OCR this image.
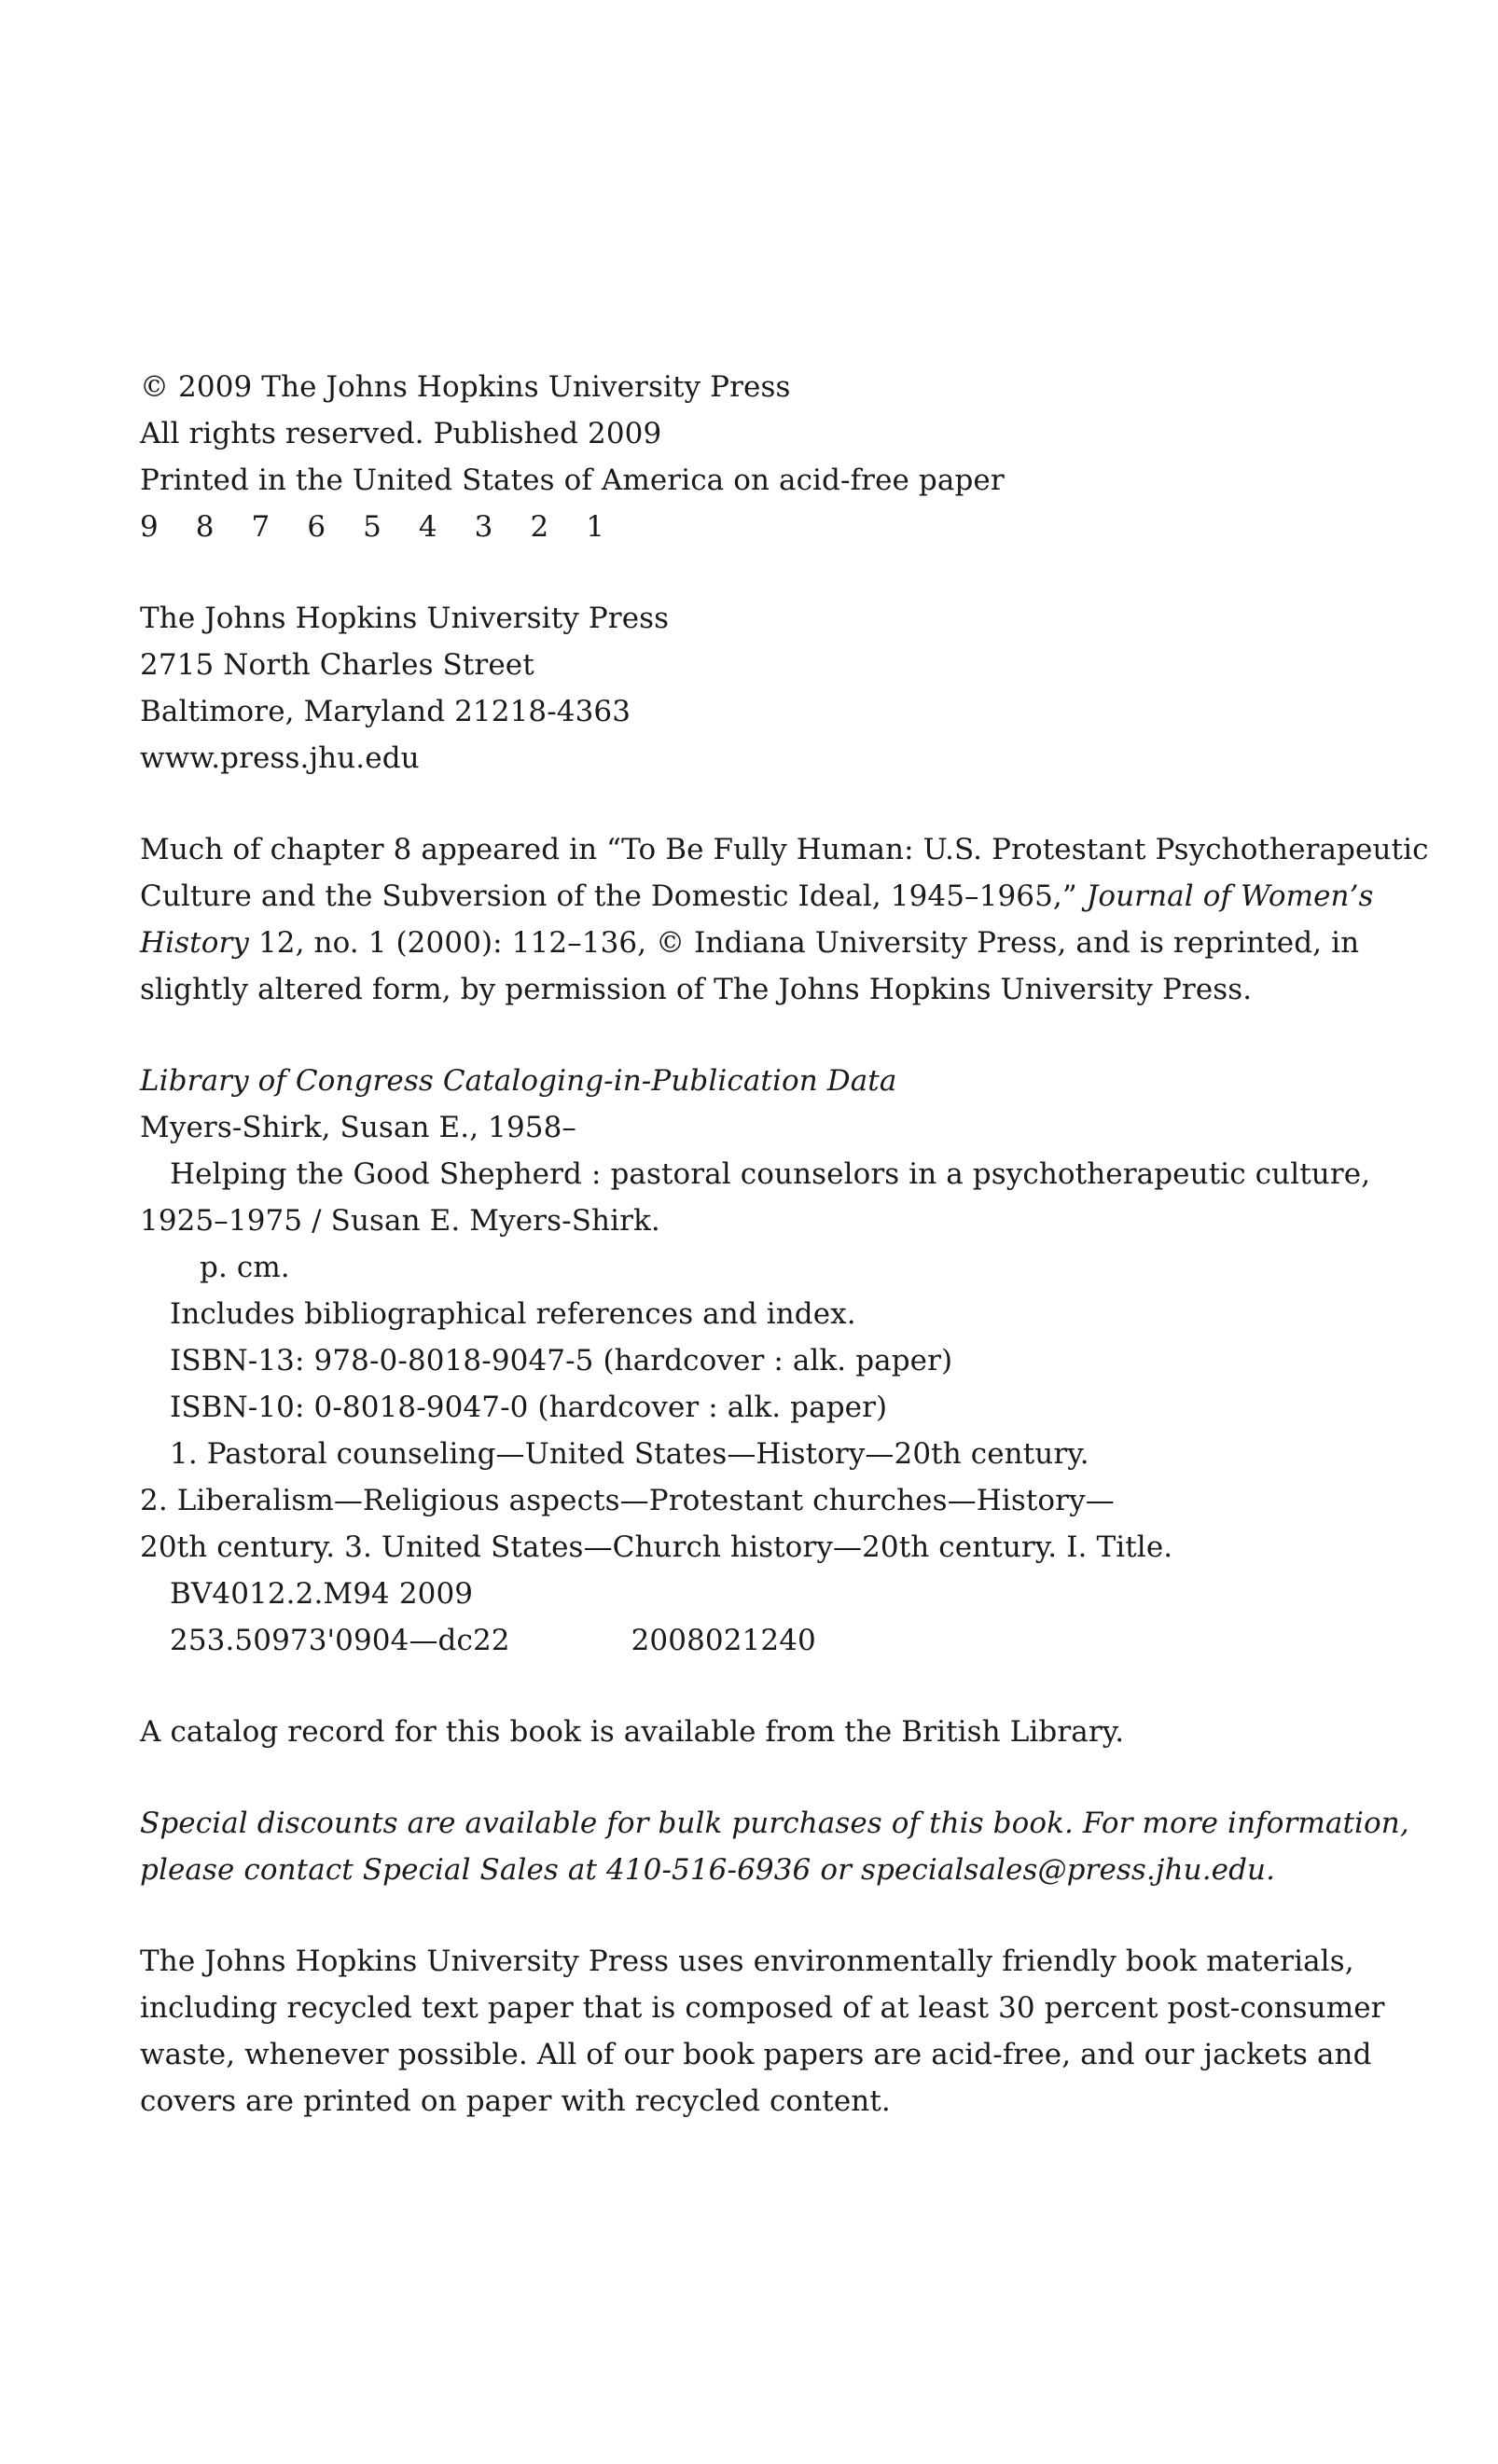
© 2009 The Johns Hopkins University Press
All rights reserved. Published 2009
Printed in the United States of America on acid-free paper
9 8 7 6 5 4 3 2 1
The Johns Hopkins University Press
2715 North Charles Street
Baltimore, Maryland 21218-4363
www.press.jhu.edu
Much of chapter 8 appeared in “To Be Fully Human: U.S. Protestant Psychotherapeutic
Culture and the Subversion of the Domestic Ideal, 1945–1965,” Journal of Women’s
History 12, no. 1 (2000): 112–136, © Indiana University Press, and is reprinted, in
slightly altered form, by permission of The Johns Hopkins University Press.
Library of Congress Cataloging-in-Publication Data
Myers-Shirk, Susan E., 1958–
Helping the Good Shepherd : pastoral counselors in a psychotherapeutic culture,
1925–1975 / Susan E. Myers-Shirk.
p. cm.
Includes bibliographical references and index.
ISBN-13: 978-0-8018-9047-5 (hardcover : alk. paper)
ISBN-10: 0-8018-9047-0 (hardcover : alk. paper)
1. Pastoral counseling—United States—History—20th century.
2. Liberalism—Religious aspects—Protestant churches—History—
20th century. 3. United States—Church history—20th century. I. Title.
BV4012.2.M94 2009
253.50973'0904—dc22	2008021240
A catalog record for this book is available from the British Library.
Special discounts are available for bulk purchases of this book. For more information,
please contact Special Sales at 410-516-6936 or specialsales@press.jhu.edu.
The Johns Hopkins University Press uses environmentally friendly book materials,
including recycled text paper that is composed of at least 30 percent post-consumer
waste, whenever possible. All of our book papers are acid-free, and our jackets and
covers are printed on paper with recycled content.
